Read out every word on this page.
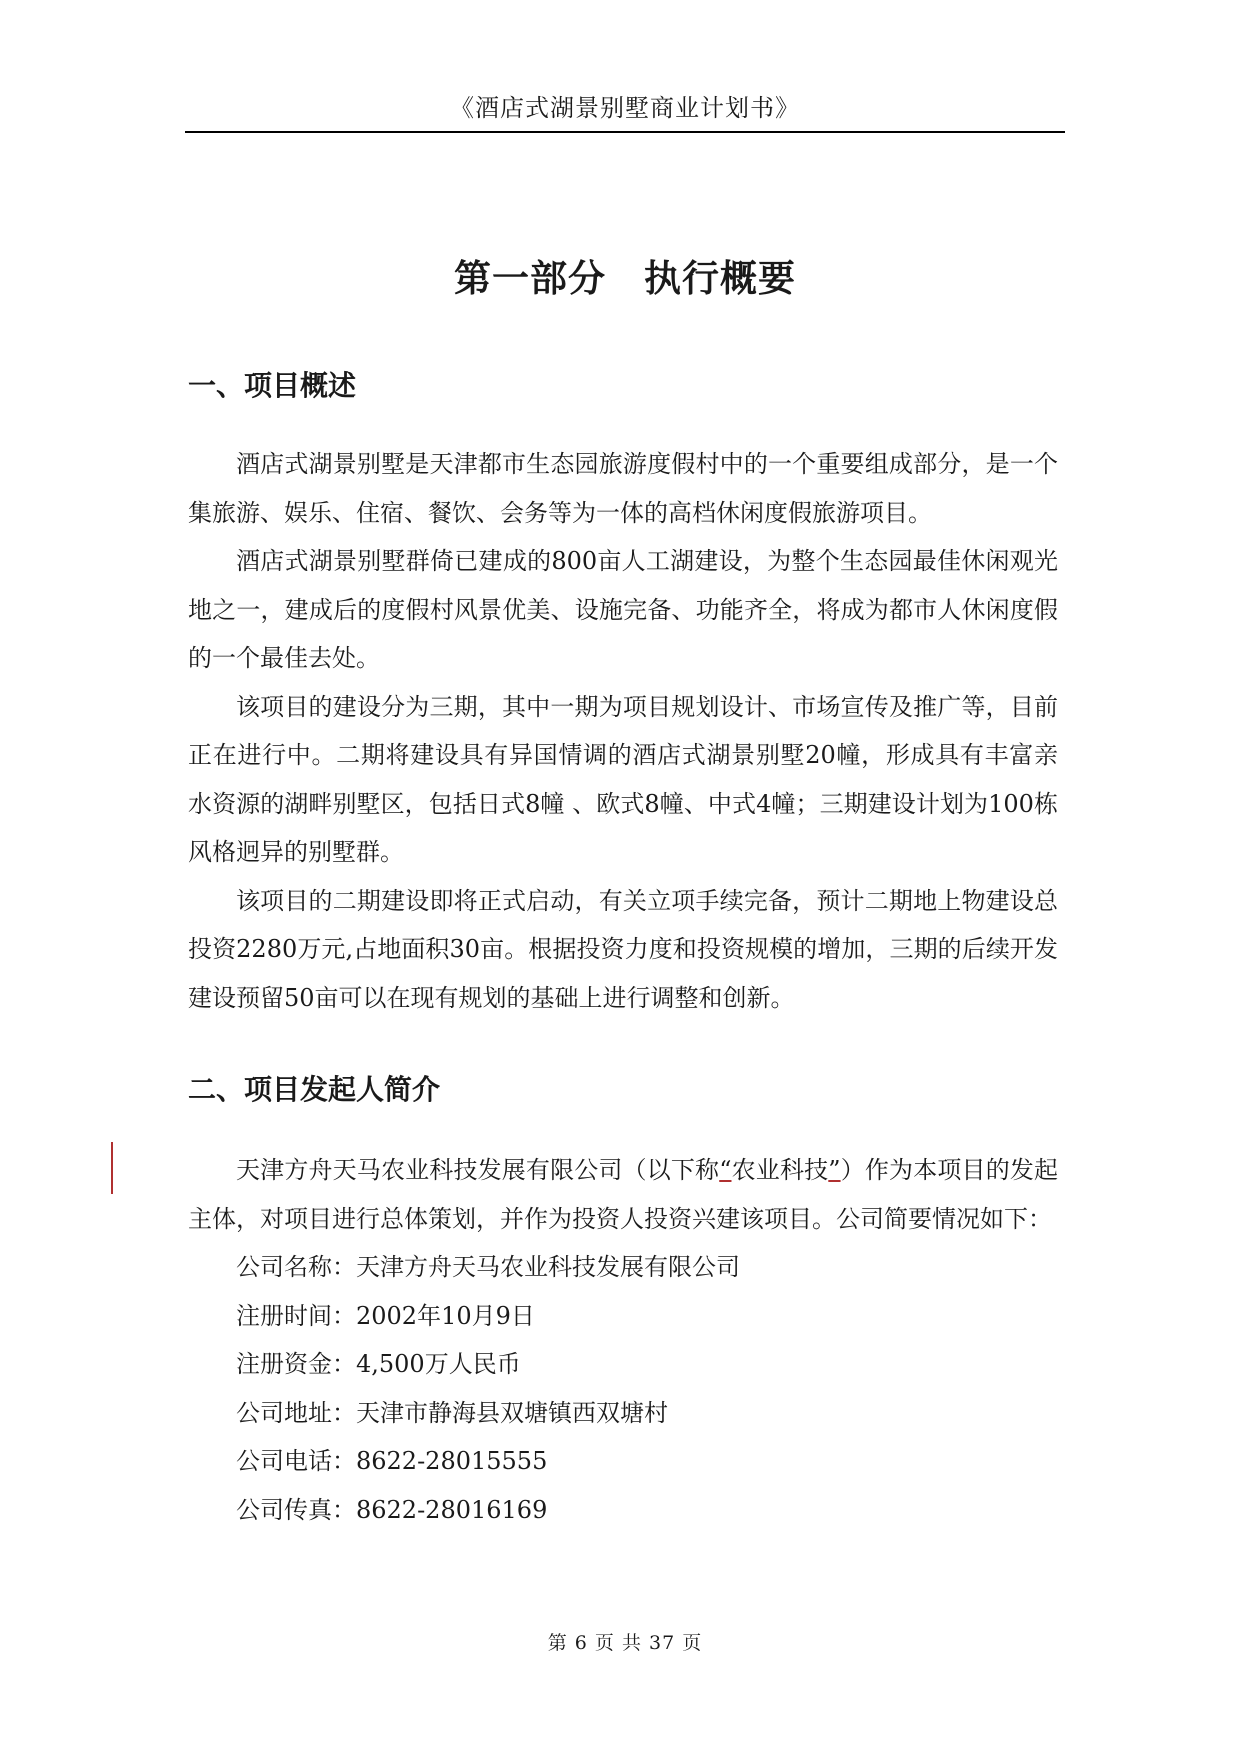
《酒店式湖景别墅商业计划书》
第一部分　执行概要
一、项目概述

酒店式湖景别墅是天津都市生态园旅游度假村中的一个重要组成部分，是一个集旅游、娱乐、住宿、餐饮、会务等为一体的高档休闲度假旅游项目。

酒店式湖景别墅群倚已建成的800亩人工湖建设，为整个生态园最佳休闲观光地之一，建成后的度假村风景优美、设施完备、功能齐全，将成为都市人休闲度假的一个最佳去处。

该项目的建设分为三期，其中一期为项目规划设计、市场宣传及推广等，目前正在进行中。二期将建设具有异国情调的酒店式湖景别墅20幢，形成具有丰富亲水资源的湖畔别墅区，包括日式8幢 、欧式8幢、中式4幢；三期建设计划为100栋风格迥异的别墅群。

该项目的二期建设即将正式启动，有关立项手续完备，预计二期地上物建设总投资2280万元,占地面积30亩。根据投资力度和投资规模的增加，三期的后续开发建设预留50亩可以在现有规划的基础上进行调整和创新。

二、项目发起人简介

天津方舟天马农业科技发展有限公司（以下称“农业科技”）作为本项目的发起主体，对项目进行总体策划，并作为投资人投资兴建该项目。公司简要情况如下：

公司名称：天津方舟天马农业科技发展有限公司
注册时间：2002年10月9日
注册资金：4,500万人民币
公司地址：天津市静海县双塘镇西双塘村
公司电话：8622-28015555
公司传真：8622-28016169
第 6 页 共 37 页
